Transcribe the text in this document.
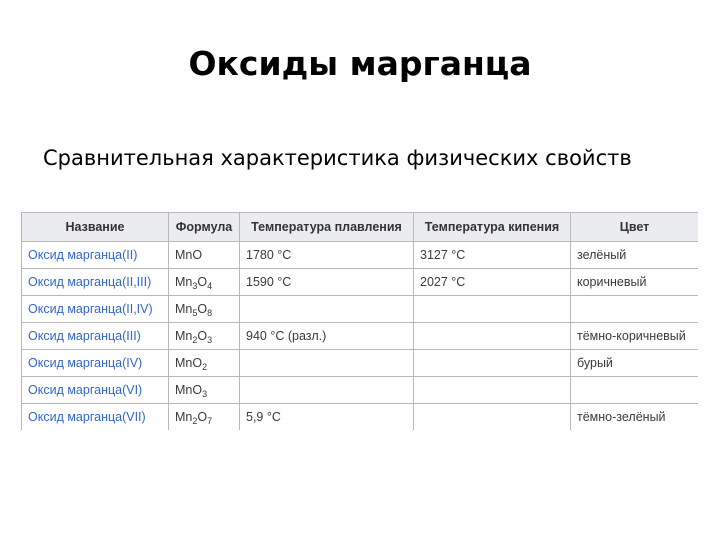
Оксиды марганца
Сравнительная характеристика физических свойств
Название	Формула	Температура плавления	Температура кипения	Цвет
Оксид марганца(II)	MnO	1780 °C	3127 °C	зелёный
Оксид марганца(II,III)	$Mn_3O_4$	1590 °C	2027 °C	коричневый
Оксид марганца(II,IV)	$Mn_5O_8$			
Оксид марганца(III)	$Mn_2O_3$	940 °C (разл.)		тёмно-коричневый
Оксид марганца(IV)	MnO$_2$			бурый
Оксид марганца(VI)	MnO$_3$			
Оксид марганца(VII)	$Mn_2O_7$	5,9 °C		тёмно-зелёный
